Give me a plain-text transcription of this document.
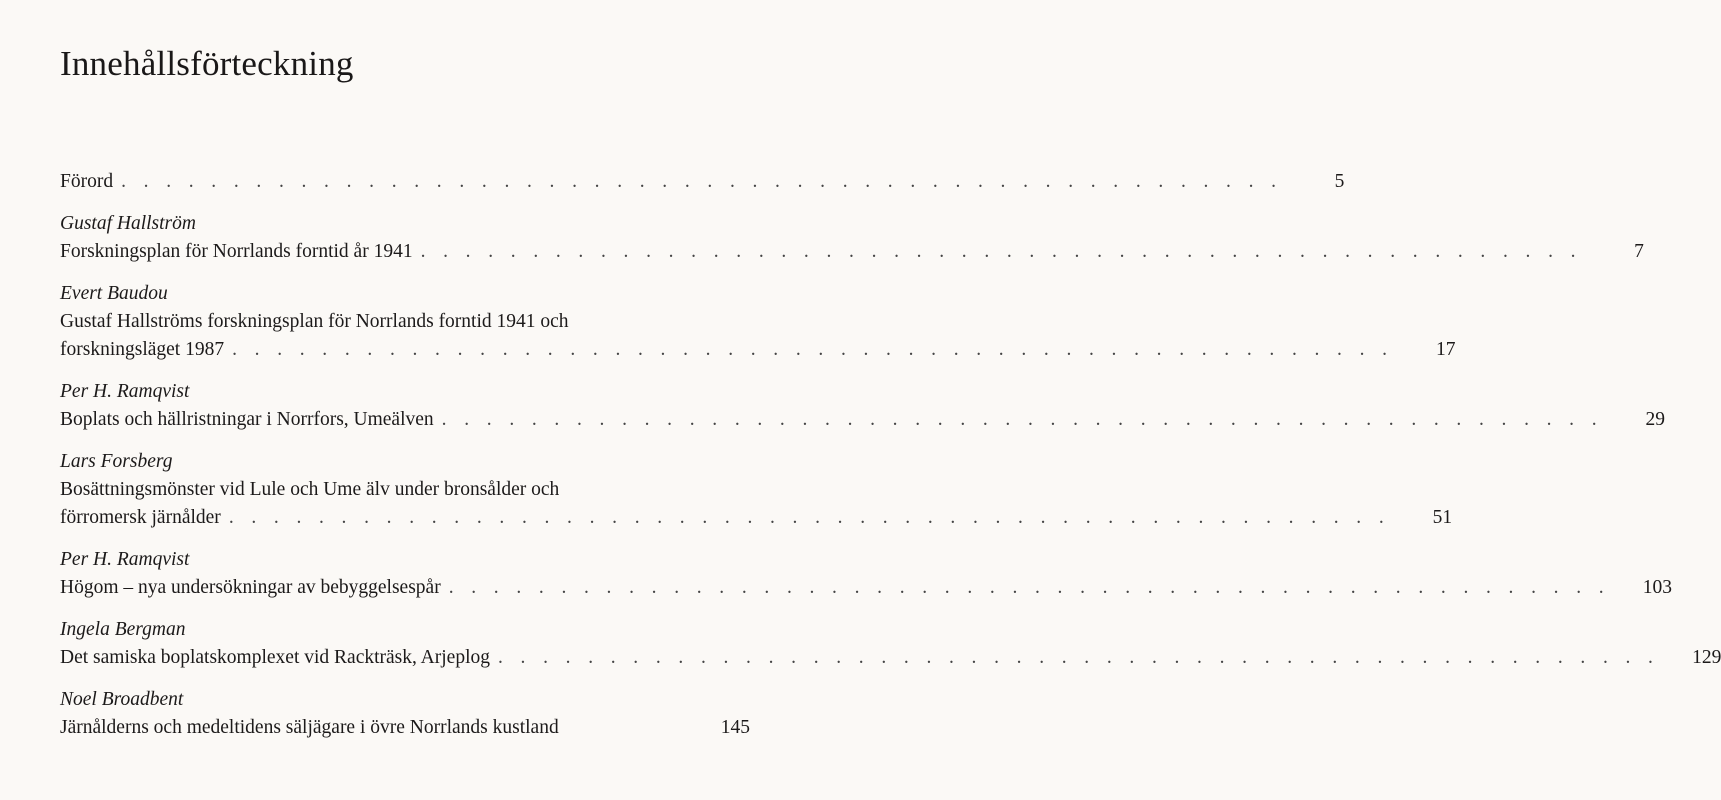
Innehållsförteckning
Förord . . . . . . . . . . . . . . . . . . . . . . . . . . . . . . . . . . . . . . . . . . . . . . . . . . . .	5
Gustaf Hallström
Forskningsplan för Norrlands forntid år 1941 . . . . . . . . . . . . . . . . . . . . . . . . . . . . . . . . . . . . . . . . . . . . . . . . . . . .	7
Evert Baudou
Gustaf Hallströms forskningsplan för Norrlands forntid 1941 och
forskningsläget 1987 . . . . . . . . . . . . . . . . . . . . . . . . . . . . . . . . . . . . . . . . . . . . . . . . . . . .	17
Per H. Ramqvist
Boplats och hällristningar i Norrfors, Umeälven . . . . . . . . . . . . . . . . . . . . . . . . . . . . . . . . . . . . . . . . . . . . . . . . . . . .	29
Lars Forsberg
Bosättningsmönster vid Lule och Ume älv under bronsålder och
förromersk järnålder . . . . . . . . . . . . . . . . . . . . . . . . . . . . . . . . . . . . . . . . . . . . . . . . . . . .	51
Per H. Ramqvist
Högom – nya undersökningar av bebyggelsespår . . . . . . . . . . . . . . . . . . . . . . . . . . . . . . . . . . . . . . . . . . . . . . . . . . . .	103
Ingela Bergman
Det samiska boplatskomplexet vid Rackträsk, Arjeplog . . . . . . . . . . . . . . . . . . . . . . . . . . . . . . . . . . . . . . . . . . . . . . . . . . . .	129
Noel Broadbent
Järnålderns och medeltidens säljägare i övre Norrlands kustland	145
